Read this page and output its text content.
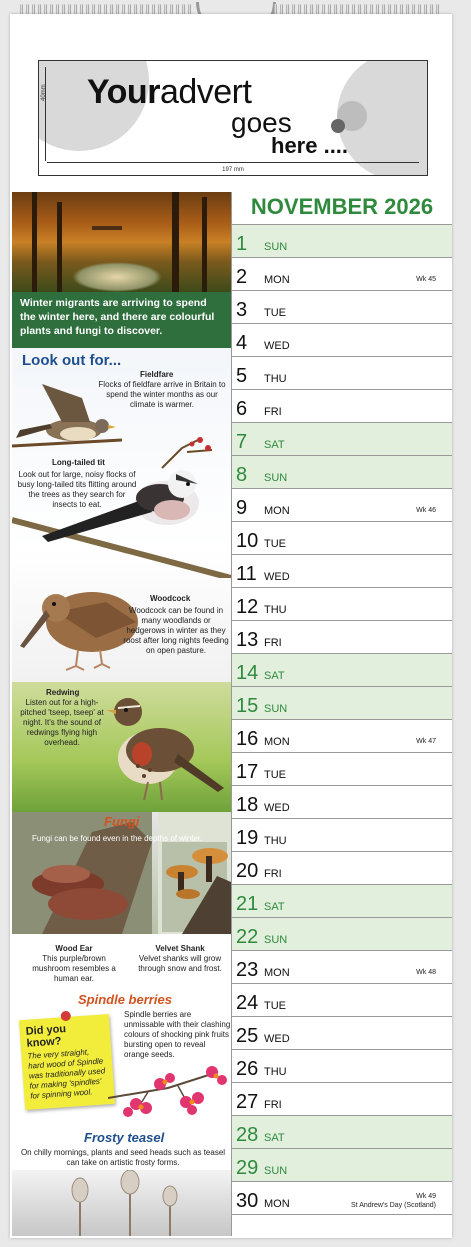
Youradvert
goes
here ....
40mm
197 mm
Winter migrants are arriving to spend the winter here, and there are colourful plants and fungi to discover.
Look out for...
Fieldfare
Flocks of fieldfare arrive in Britain to spend the winter months as our climate is warmer.
Long-tailed tit
Look out for large, noisy flocks of busy long-tailed tits flitting around the trees as they search for insects to eat.
Woodcock
Woodcock can be found in many woodlands or hedgerows in winter as they roost after long nights feeding on open pasture.
Redwing
Listen out for a high-pitched 'tseep, tseep' at night. It's the sound of redwings flying high overhead.
Fungi
Fungi can be found even in the depths of winter.
Wood Ear
This purple/brown mushroom resembles a human ear.
Velvet Shank
Velvet shanks will grow through snow and frost.
Spindle berries
Spindle berries are unmissable with their clashing colours of shocking pink fruits bursting open to reveal orange seeds.
Did you know?
The very straight, hard wood of Spindle was traditionally used for making 'spindles' for spinning wool.
Frosty teasel
On chilly mornings, plants and seed heads such as teasel can take on artistic frosty forms.
NOVEMBER 2026
1 SUN
2 MON	Wk 45
3 TUE
4 WED
5 THU
6 FRI
7 SAT
8 SUN
9 MON	Wk 46
10 TUE
11 WED
12 THU
13 FRI
14 SAT
15 SUN
16 MON	Wk 47
17 TUE
18 WED
19 THU
20 FRI
21 SAT
22 SUN
23 MON	Wk 48
24 TUE
25 WED
26 THU
27 FRI
28 SAT
29 SUN
30 MON
Wk 49
St Andrew's Day (Scotland)
